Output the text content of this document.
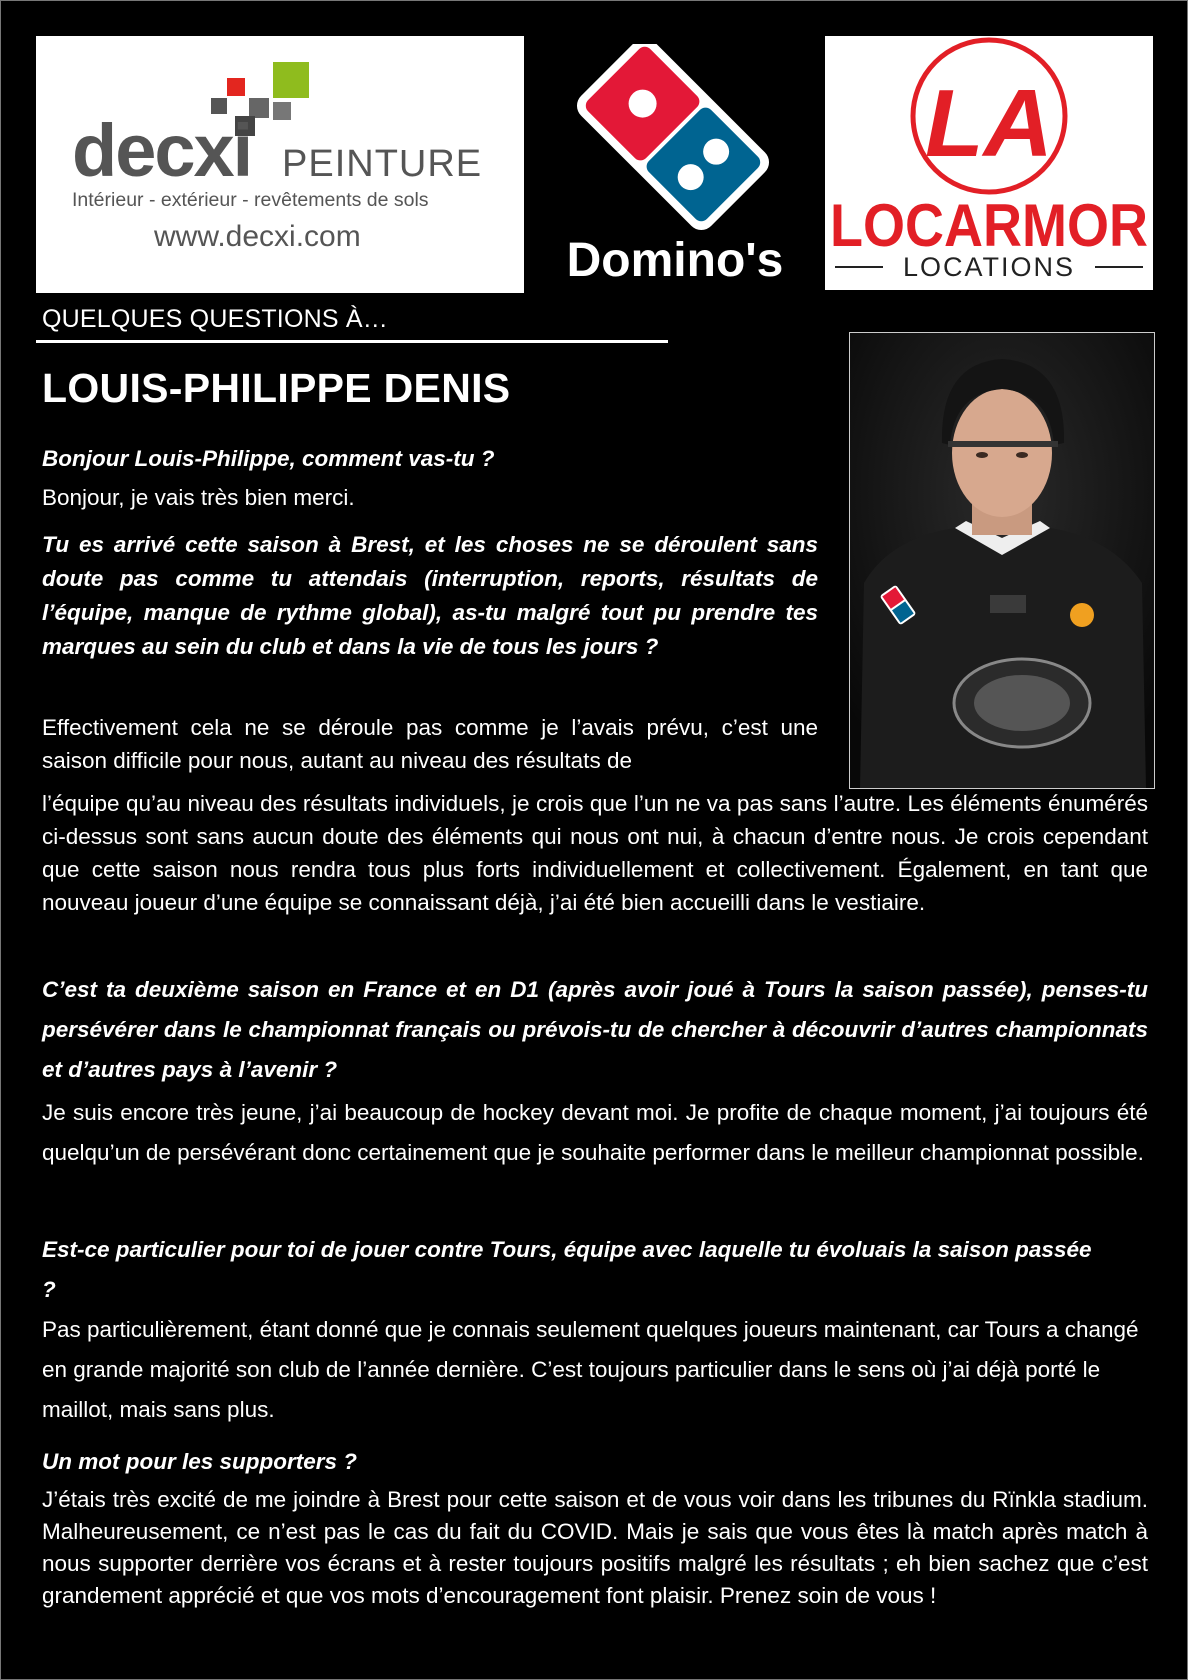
decxi PEINTURE
Intérieur - extérieur - revêtements de sols
www.decxi.com	Domino's
LA
LOCARMOR
LOCATIONS
QUELQUES QUESTIONS À…
LOUIS-PHILIPPE DENIS

Bonjour Louis-Philippe, comment vas-tu ?

Bonjour, je vais très bien merci.

Tu es arrivé cette saison à Brest, et les choses ne se déroulent sans doute pas comme tu attendais (interruption, reports, résultats de l’équipe, manque de rythme global), as-tu malgré tout pu prendre tes marques au sein du club et dans la vie de tous les jours ?

Effectivement cela ne se déroule pas comme je l’avais prévu, c’est une saison difficile pour nous, autant au niveau des résultats de

l’équipe qu’au niveau des résultats individuels, je crois que l’un ne va pas sans l’autre. Les éléments énumérés ci-dessus sont sans aucun doute des éléments qui nous ont nui, à chacun d’entre nous. Je crois cependant que cette saison nous rendra tous plus forts individuellement et collectivement. Également, en tant que nouveau joueur d’une équipe se connaissant déjà, j’ai été bien accueilli dans le vestiaire.

C’est ta deuxième saison en France et en D1 (après avoir joué à Tours la saison passée), penses-tu persévérer dans le championnat français ou prévois-tu de chercher à découvrir d’autres championnats et d’autres pays à l’avenir ?

Je suis encore très jeune, j’ai beaucoup de hockey devant moi. Je profite de chaque moment, j’ai toujours été quelqu’un de persévérant donc certainement que je souhaite performer dans le meilleur championnat possible.

Est-ce particulier pour toi de jouer contre Tours, équipe avec laquelle tu évoluais la saison passée ?

Pas particulièrement, étant donné que je connais seulement quelques joueurs maintenant, car Tours a changé en grande majorité son club de l’année dernière. C’est toujours particulier dans le sens où j’ai déjà porté le maillot, mais sans plus.

Un mot pour les supporters ?

J’étais très excité de me joindre à Brest pour cette saison et de vous voir dans les tribunes du Rïnkla stadium. Malheureusement, ce n’est pas le cas du fait du COVID. Mais je sais que vous êtes là match après match à nous supporter derrière vos écrans et à rester toujours positifs malgré les résultats ; eh bien sachez que c’est grandement apprécié et que vos mots d’encouragement font plaisir. Prenez soin de vous !
